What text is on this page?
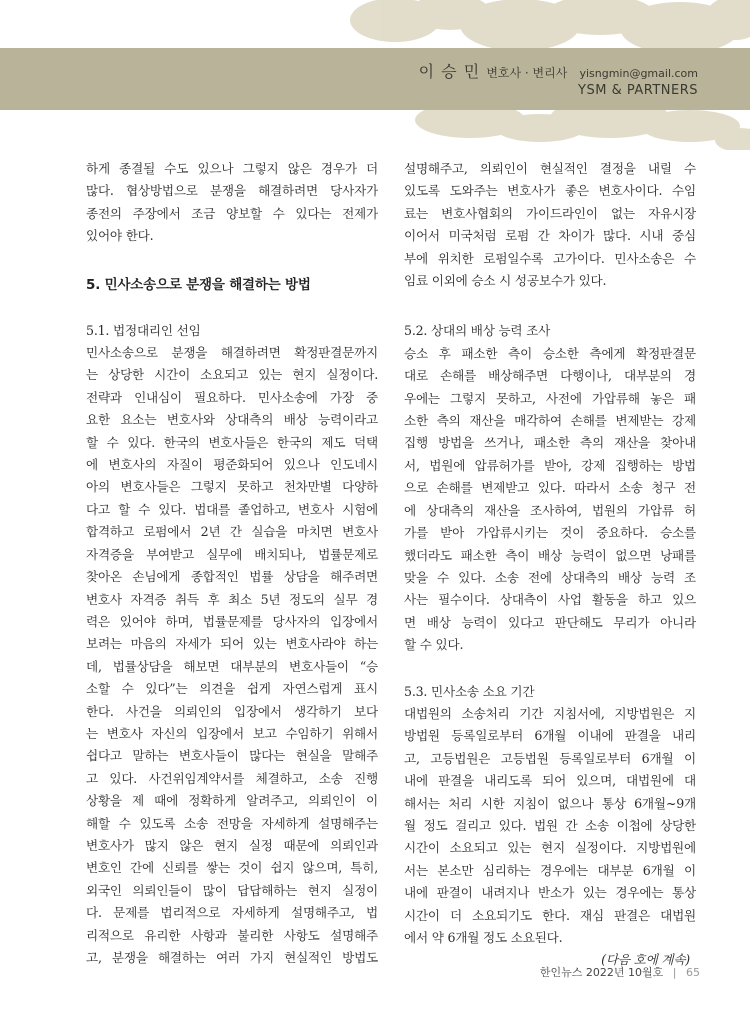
이 승 민 변호사 · 변리사 yisngmin@gmail.com
YSM & PARTNERS

하게 종결될 수도 있으나 그렇지 않은 경우가 더
많다. 협상방법으로 분쟁을 해결하려면 당사자가
종전의 주장에서 조금 양보할 수 있다는 전제가
있어야 한다.

5. 민사소송으로 분쟁을 해결하는 방법

5.1. 법정대리인 선임

민사소송으로 분쟁을 해결하려면 확정판결문까지
는 상당한 시간이 소요되고 있는 현지 실정이다.
전략과 인내심이 필요하다. 민사소송에 가장 중
요한 요소는 변호사와 상대측의 배상 능력이라고
할 수 있다. 한국의 변호사들은 한국의 제도 덕택
에 변호사의 자질이 평준화되어 있으나 인도네시
아의 변호사들은 그렇지 못하고 천차만별 다양하
다고 할 수 있다. 법대를 졸업하고, 변호사 시험에
합격하고 로펌에서 2년 간 실습을 마치면 변호사
자격증을 부여받고 실무에 배치되나, 법률문제로
찾아온 손님에게 종합적인 법률 상담을 해주려면
변호사 자격증 취득 후 최소 5년 정도의 실무 경
력은 있어야 하며, 법률문제를 당사자의 입장에서
보려는 마음의 자세가 되어 있는 변호사라야 하는
데, 법률상담을 해보면 대부분의 변호사들이 “승
소할 수 있다”는 의견을 쉽게 자연스럽게 표시
한다. 사건을 의뢰인의 입장에서 생각하기 보다
는 변호사 자신의 입장에서 보고 수임하기 위해서
쉽다고 말하는 변호사들이 많다는 현실을 말해주
고 있다. 사건위임계약서를 체결하고, 소송 진행
상황을 제 때에 정확하게 알려주고, 의뢰인이 이
해할 수 있도록 소송 전망을 자세하게 설명해주는
변호사가 많지 않은 현지 실정 때문에 의뢰인과
변호인 간에 신뢰를 쌓는 것이 쉽지 않으며, 특히,
외국인 의뢰인들이 많이 답답해하는 현지 실정이
다. 문제를 법리적으로 자세하게 설명해주고, 법
리적으로 유리한 사항과 불리한 사항도 설명해주
고, 분쟁을 해결하는 여러 가지 현실적인 방법도

설명해주고, 의뢰인이 현실적인 결정을 내릴 수
있도록 도와주는 변호사가 좋은 변호사이다. 수임
료는 변호사협회의 가이드라인이 없는 자유시장
이어서 미국처럼 로펌 간 차이가 많다. 시내 중심
부에 위치한 로펌일수록 고가이다. 민사소송은 수
임료 이외에 승소 시 성공보수가 있다.

5.2. 상대의 배상 능력 조사

승소 후 패소한 측이 승소한 측에게 확정판결문
대로 손해를 배상해주면 다행이나, 대부분의 경
우에는 그렇지 못하고, 사전에 가압류해 놓은 패
소한 측의 재산을 매각하여 손해를 변제받는 강제
집행 방법을 쓰거나, 패소한 측의 재산을 찾아내
서, 법원에 압류허가를 받아, 강제 집행하는 방법
으로 손해를 변제받고 있다. 따라서 소송 청구 전
에 상대측의 재산을 조사하여, 법원의 가압류 허
가를 받아 가압류시키는 것이 중요하다. 승소를
했더라도 패소한 측이 배상 능력이 없으면 낭패를
맞을 수 있다. 소송 전에 상대측의 배상 능력 조
사는 필수이다. 상대측이 사업 활동을 하고 있으
면 배상 능력이 있다고 판단해도 무리가 아니라
할 수 있다.

5.3. 민사소송 소요 기간

대법원의 소송처리 기간 지침서에, 지방법원은 지
방법원 등록일로부터 6개월 이내에 판결을 내리
고, 고등법원은 고등법원 등록일로부터 6개월 이
내에 판결을 내리도록 되어 있으며, 대법원에 대
해서는 처리 시한 지침이 없으나 통상 6개월~9개
월 정도 걸리고 있다. 법원 간 소송 이첩에 상당한
시간이 소요되고 있는 현지 실정이다. 지방법원에
서는 본소만 심리하는 경우에는 대부분 6개월 이
내에 판결이 내려지나 반소가 있는 경우에는 통상
시간이 더 소요되기도 한다. 재심 판결은 대법원
에서 약 6개월 정도 소요된다.

(다음 호에 계속)

한인뉴스 2022년 10월호 | 65
